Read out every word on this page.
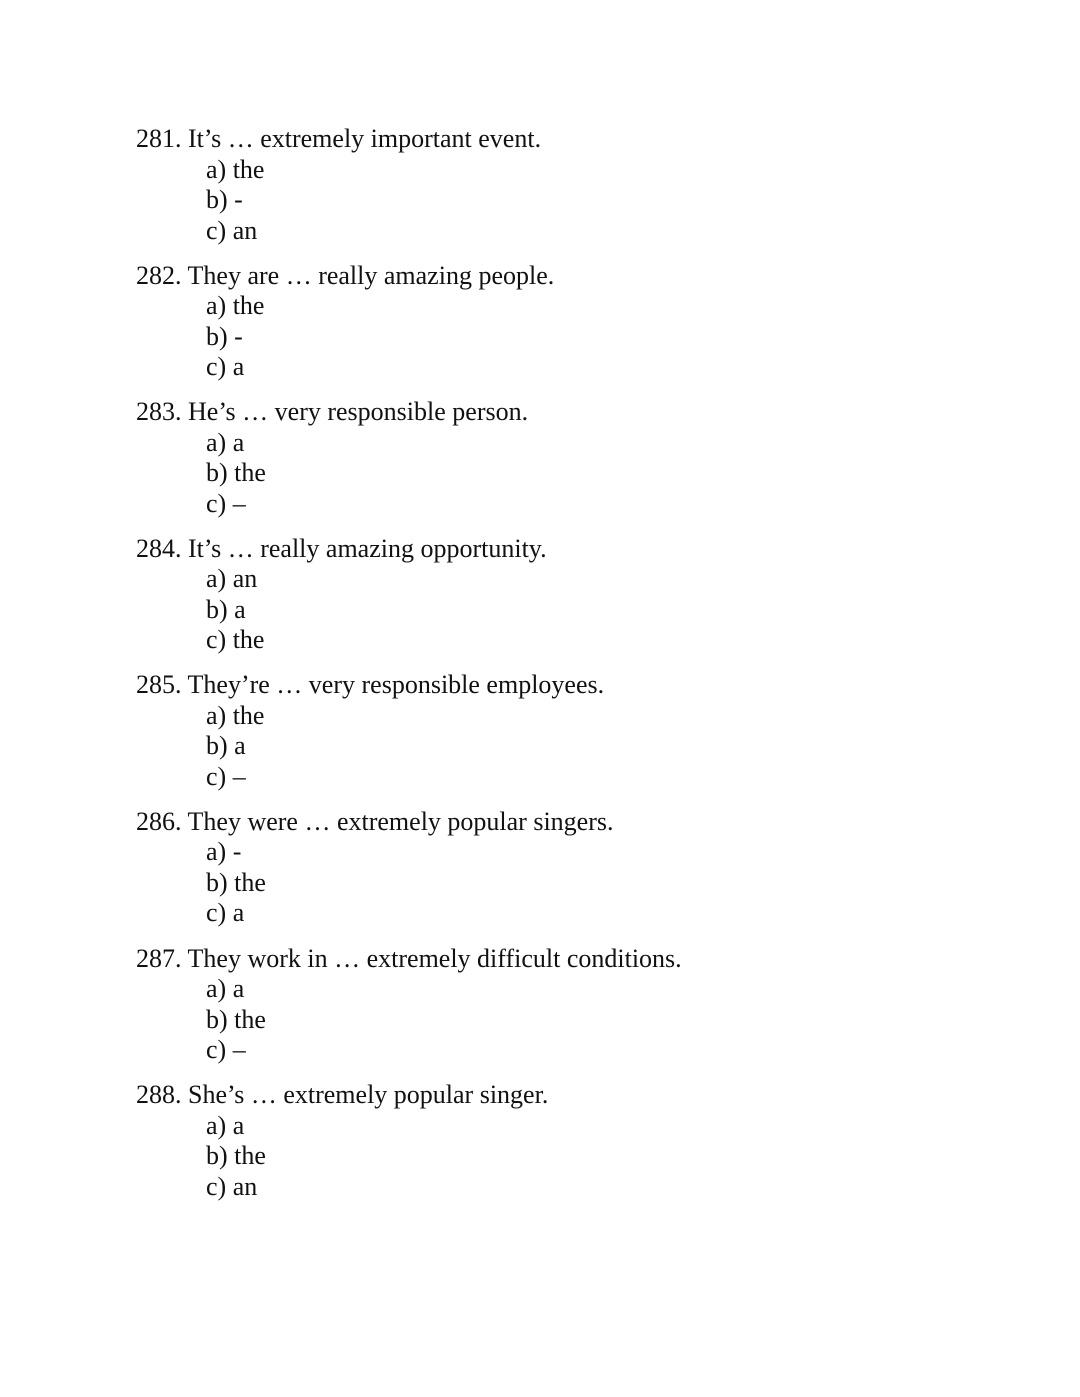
281. It’s … extremely important event.
a) the
b) -
c) an
282. They are … really amazing people.
a) the
b) -
c) a
283. He’s … very responsible person.
a) a
b) the
c) –
284. It’s … really amazing opportunity.
a) an
b) a
c) the
285. They’re … very responsible employees.
a) the
b) a
c) –
286. They were … extremely popular singers.
a) -
b) the
c) a
287. They work in … extremely difficult conditions.
a) a
b) the
c) –
288. She’s … extremely popular singer.
a) a
b) the
c) an
